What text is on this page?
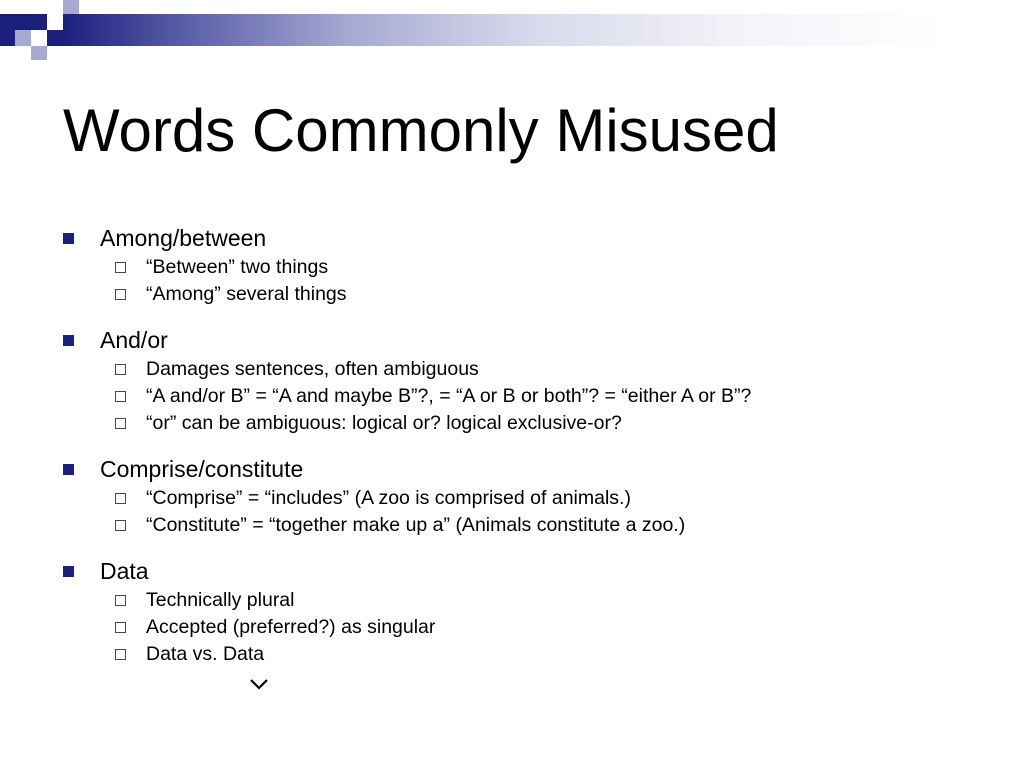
Words Commonly Misused
Among/between
“Between” two things
“Among” several things
And/or
Damages sentences, often ambiguous
“A and/or B” = “A and maybe B”?, = “A or B or both”? = “either A or B”?
“or” can be ambiguous: logical or? logical exclusive-or?
Comprise/constitute
“Comprise” = “includes” (A zoo is comprised of animals.)
“Constitute” = “together make up a” (Animals constitute a zoo.)
Data
Technically plural
Accepted (preferred?) as singular
Data vs. Data
